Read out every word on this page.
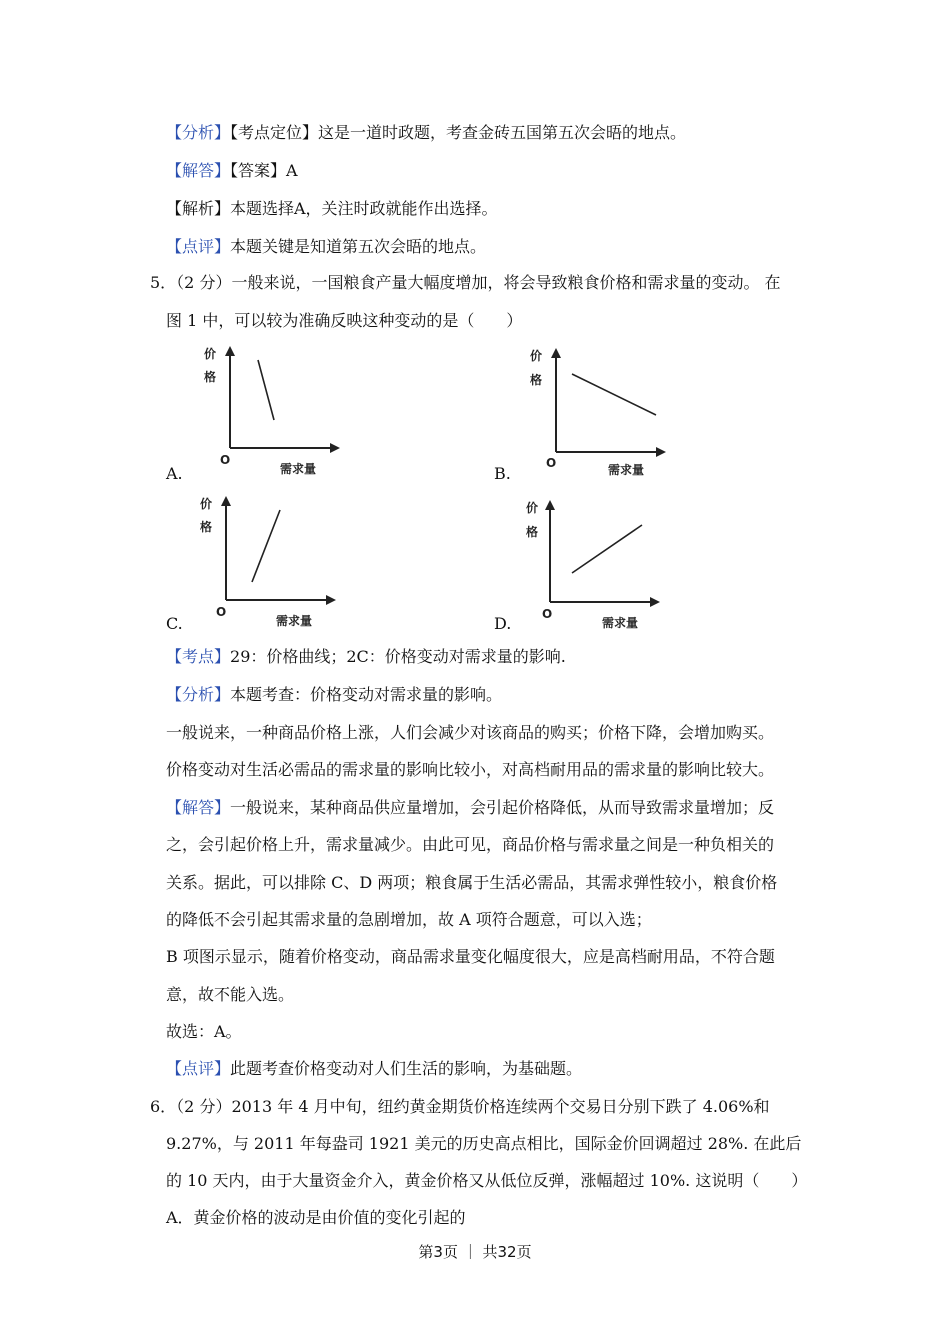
【分析】【考点定位】这是一道时政题，考查金砖五国第五次会晤的地点。
【解答】【答案】A
【解析】本题选择A，关注时政就能作出选择。
【点评】本题关键是知道第五次会晤的地点。
5．（2 分）一般来说，一国粮食产量大幅度增加，将会导致粮食价格和需求量的变动。 在
图 1 中，可以较为准确反映这种变动的是（　　）
价
格
O
需求量
A.
价
格
O	需求量
B.
价
格
O
需求量
C.
价
格
O
需求量
D.
【考点】29：价格曲线；2C：价格变动对需求量的影响.
【分析】本题考查：价格变动对需求量的影响。
一般说来，一种商品价格上涨，人们会减少对该商品的购买；价格下降，会增加购买。
价格变动对生活必需品的需求量的影响比较小，对高档耐用品的需求量的影响比较大。
【解答】一般说来，某种商品供应量增加，会引起价格降低，从而导致需求量增加；反
之，会引起价格上升，需求量减少。由此可见，商品价格与需求量之间是一种负相关的
关系。据此，可以排除 C、D 两项；粮食属于生活必需品，其需求弹性较小，粮食价格
的降低不会引起其需求量的急剧增加，故 A 项符合题意，可以入选；
B 项图示显示，随着价格变动，商品需求量变化幅度很大，应是高档耐用品，不符合题
意，故不能入选。
故选：A。
【点评】此题考查价格变动对人们生活的影响，为基础题。
6．（2 分）2013 年 4 月中旬，纽约黄金期货价格连续两个交易日分别下跌了 4.06%和
9.27%，与 2011 年每盎司 1921 美元的历史高点相比，国际金价回调超过 28%. 在此后
的 10 天内，由于大量资金介入，黄金价格又从低位反弹，涨幅超过 10%. 这说明（　　）
A．黄金价格的波动是由价值的变化引起的
第3页 ｜ 共32页
